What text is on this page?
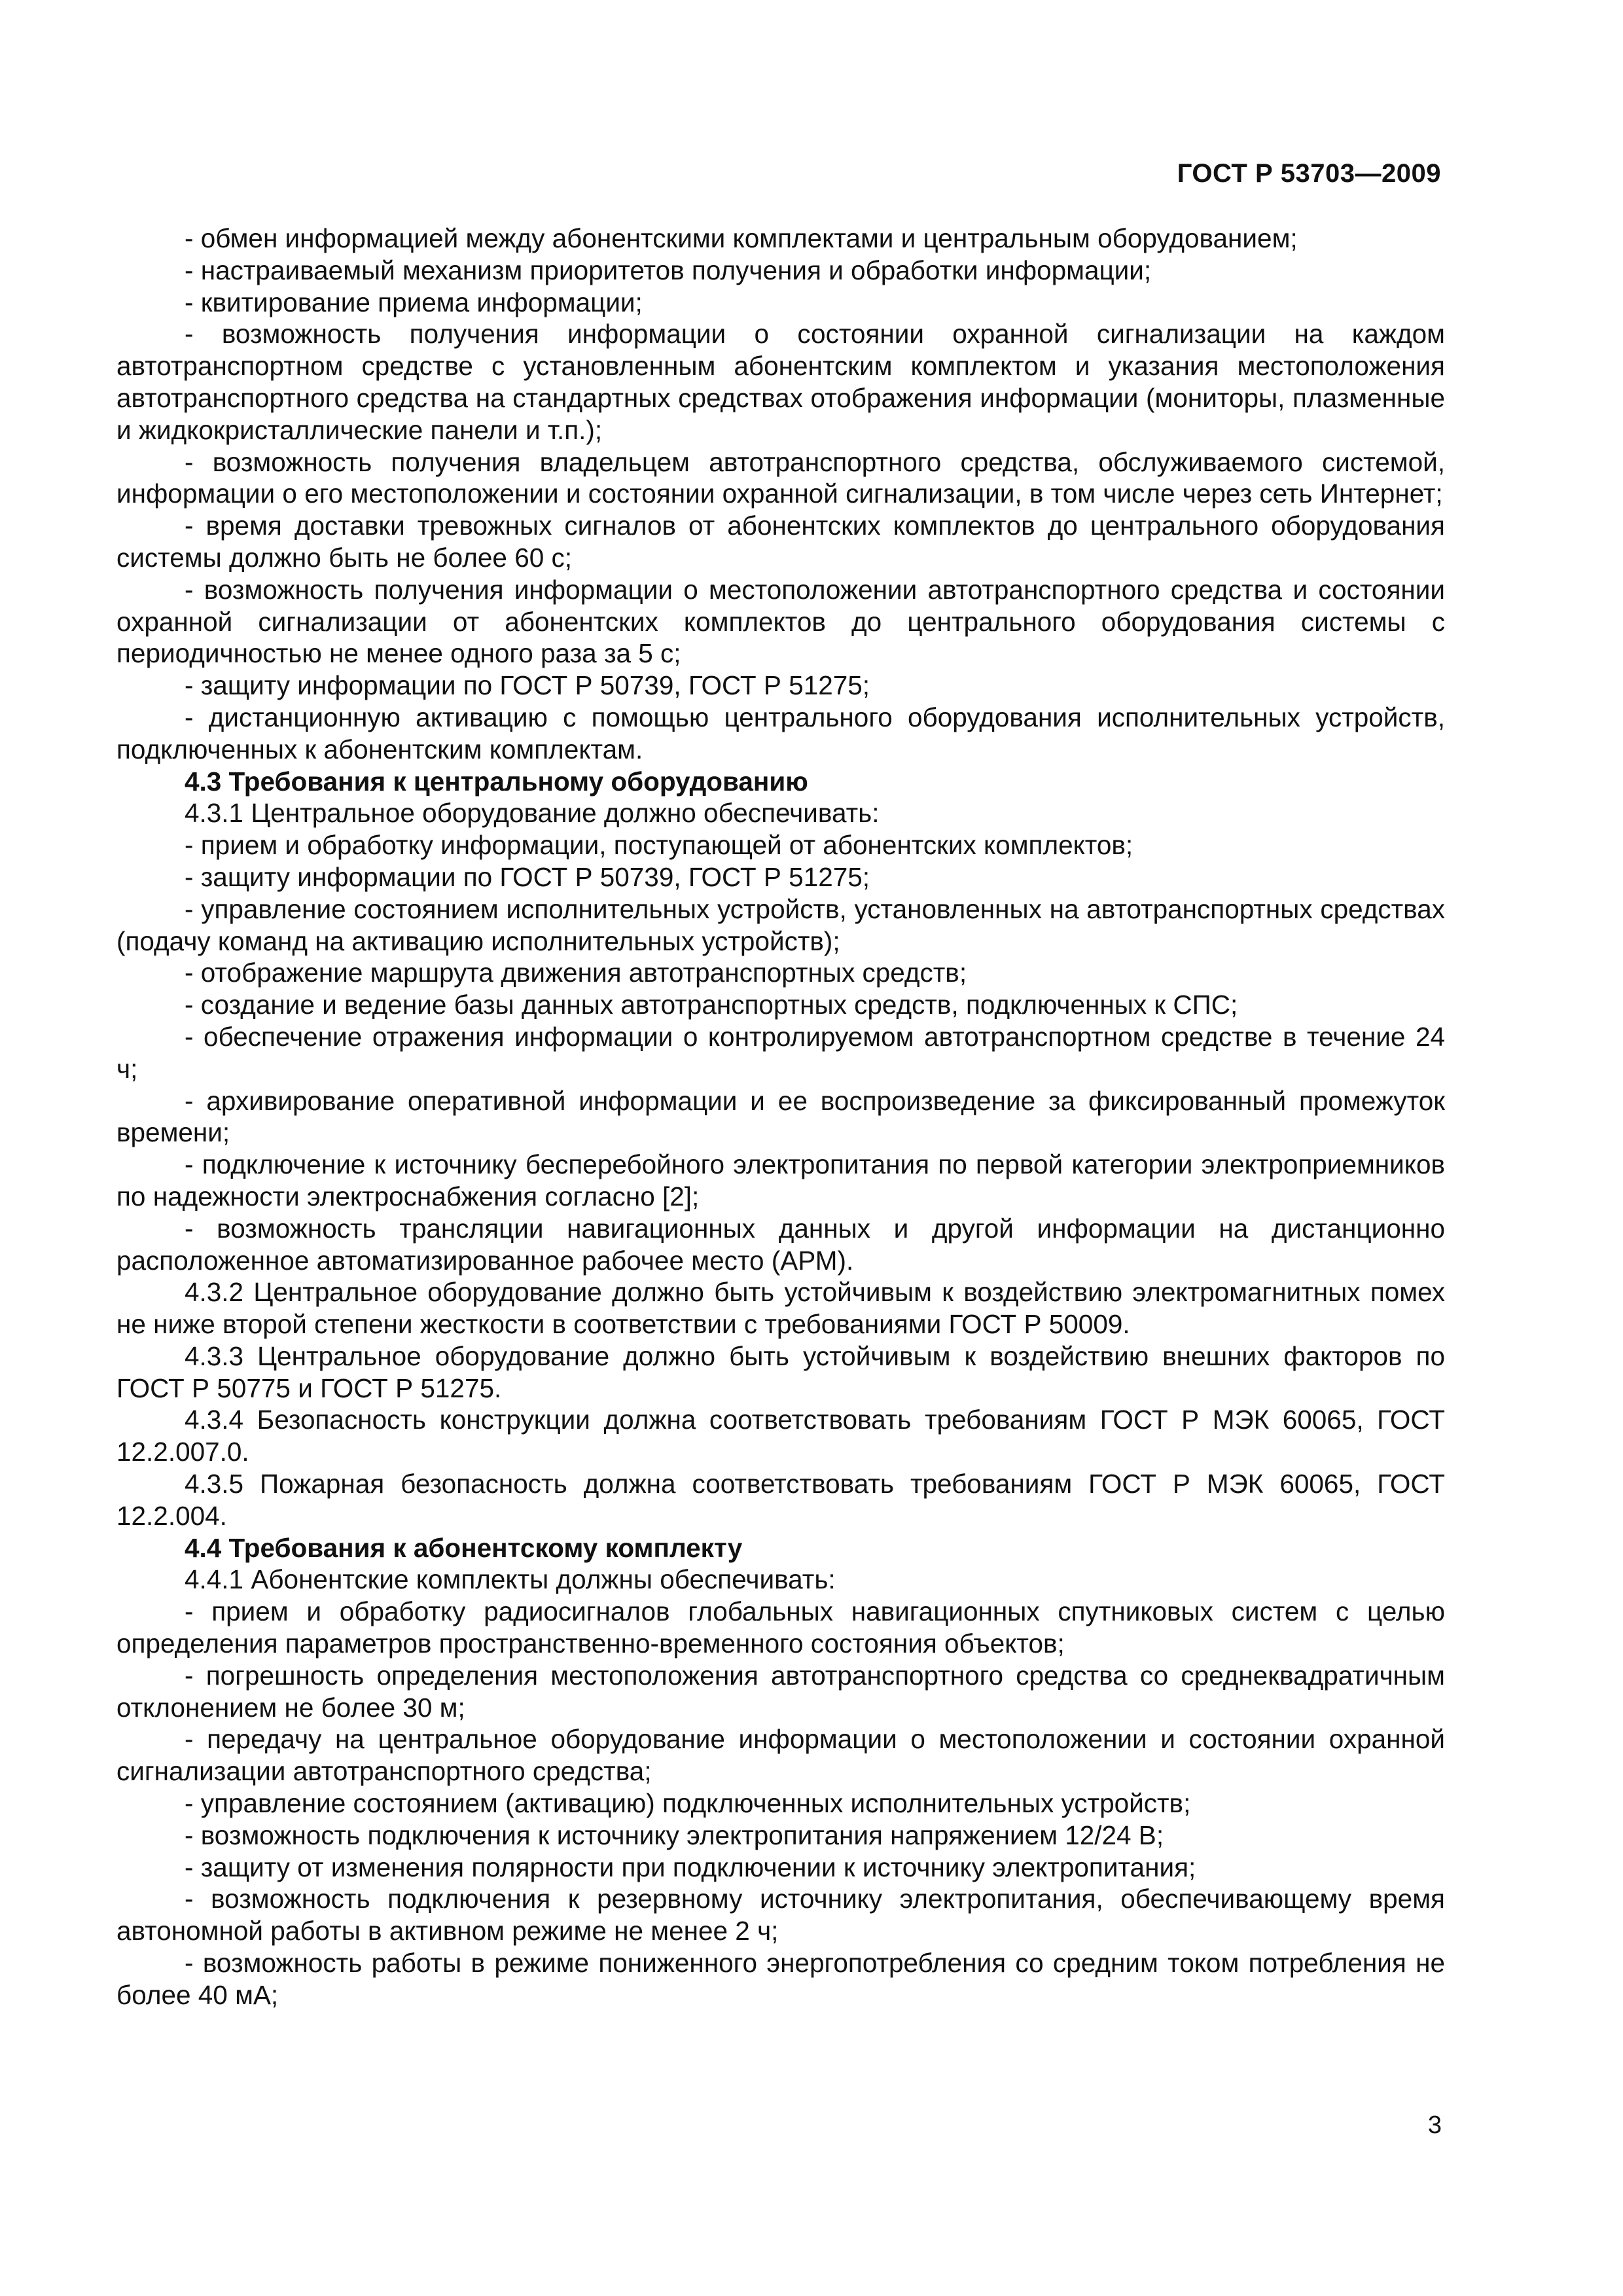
ГОСТ Р 53703—2009

- обмен информацией между абонентскими комплектами и центральным оборудованием;

- настраиваемый механизм приоритетов получения и обработки информации;

- квитирование приема информации;

- возможность получения информации о состоянии охранной сигнализации на каждом автотранспортном средстве с установленным абонентским комплектом и указания местоположения автотранспортного средства на стандартных средствах отображения информации (мониторы, плазменные и жидкокристаллические панели и т.п.);

- возможность получения владельцем автотранспортного средства, обслуживаемого системой, информации о его местоположении и состоянии охранной сигнализации, в том числе через сеть Интернет;

- время доставки тревожных сигналов от абонентских комплектов до центрального оборудования системы должно быть не более 60 с;

- возможность получения информации о местоположении автотранспортного средства и состоянии охранной сигнализации от абонентских комплектов до центрального оборудования системы с периодичностью не менее одного раза за 5 с;

- защиту информации по ГОСТ Р 50739, ГОСТ Р 51275;

- дистанционную активацию с помощью центрального оборудования исполнительных устройств, подключенных к абонентским комплектам.

4.3 Требования к центральному оборудованию

4.3.1 Центральное оборудование должно обеспечивать:

- прием и обработку информации, поступающей от абонентских комплектов;

- защиту информации по ГОСТ Р 50739, ГОСТ Р 51275;

- управление состоянием исполнительных устройств, установленных на автотранспортных средствах (подачу команд на активацию исполнительных устройств);

- отображение маршрута движения автотранспортных средств;

- создание и ведение базы данных автотранспортных средств, подключенных к СПС;

- обеспечение отражения информации о контролируемом автотранспортном средстве в течение 24 ч;

- архивирование оперативной информации и ее воспроизведение за фиксированный промежуток времени;

- подключение к источнику бесперебойного электропитания по первой категории электроприемников по надежности электроснабжения согласно [2];

- возможность трансляции навигационных данных и другой информации на дистанционно расположенное автоматизированное рабочее место (АРМ).

4.3.2 Центральное оборудование должно быть устойчивым к воздействию электромагнитных помех не ниже второй степени жесткости в соответствии с требованиями ГОСТ Р 50009.

4.3.3 Центральное оборудование должно быть устойчивым к воздействию внешних факторов по ГОСТ Р 50775 и ГОСТ Р 51275.

4.3.4 Безопасность конструкции должна соответствовать требованиям ГОСТ Р МЭК 60065, ГОСТ 12.2.007.0.

4.3.5 Пожарная безопасность должна соответствовать требованиям ГОСТ Р МЭК 60065, ГОСТ 12.2.004.

4.4 Требования к абонентскому комплекту

4.4.1 Абонентские комплекты должны обеспечивать:

- прием и обработку радиосигналов глобальных навигационных спутниковых систем с целью определения параметров пространственно-временного состояния объектов;

- погрешность определения местоположения автотранспортного средства со среднеквадратичным отклонением не более 30 м;

- передачу на центральное оборудование информации о местоположении и состоянии охранной сигнализации автотранспортного средства;

- управление состоянием (активацию) подключенных исполнительных устройств;

- возможность подключения к источнику электропитания напряжением 12/24 В;

- защиту от изменения полярности при подключении к источнику электропитания;

- возможность подключения к резервному источнику электропитания, обеспечивающему время автономной работы в активном режиме не менее 2 ч;

- возможность работы в режиме пониженного энергопотребления со средним током потребления не более 40 мА;

3
